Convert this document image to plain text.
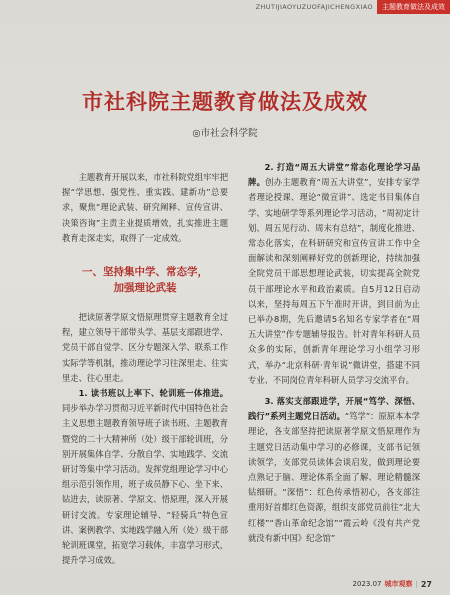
ZHUTIJIAOYUZUOFAJICHENGXIAO	主题教育做法及成效
市社科院主题教育做法及成效
◎市社会科学院

主题教育开展以来，市社科院党组牢牢把握“学思想、强党性、重实践、建新功”总要求，聚焦“理论武装、研究阐释、宣传宣讲、决策咨询”主责主业提质增效，扎实推进主题教育走深走实，取得了一定成效。

一、坚持集中学、常态学，
加强理论武装

把读原著学原文悟原理贯穿主题教育全过程，建立领导干部带头学、基层支部跟进学、党员干部自觉学、区分专题深入学、联系工作实际学等机制，推动理论学习往深里走、往实里走、往心里走。

1. 读书班以上率下、轮训班一体推进。同步举办学习贯彻习近平新时代中国特色社会主义思想主题教育领导班子读书班、主题教育暨党的二十大精神所（处）级干部轮训班，分别开展集体自学、分散自学、实地践学、交流研讨等集中学习活动。发挥党组理论学习中心组示范引领作用，班子成员静下心、坐下来、钻进去，读原著、学原文、悟原理，深入开展研讨交流。专家理论辅导、“轻骑兵”特色宣讲、案例教学、实地践学融入所（处）级干部轮训班课堂，拓宽学习载体，丰富学习形式，提升学习成效。

2. 打造“周五大讲堂”常态化理论学习品牌。创办主题教育“周五大讲堂”，安排专家学者理论授课、理论“微宣讲”、选定书目集体自学、实地研学等系列理论学习活动，“周初定计划、周五见行动、周末有总结”，制度化推进、常态化落实，在科研研究和宣传宣讲工作中全面解读和深刻阐释好党的创新理论，持续加强全院党员干部思想理论武装，切实提高全院党员干部理论水平和政治素质。自5月12日启动以来，坚持每周五下午准时开讲，到目前为止已举办8期，先后邀请5名知名专家学者在“周五大讲堂”作专题辅导报告。针对青年科研人员众多的实际，创新青年理论学习小组学习形式，举办“北京科研·青年说”微讲堂，搭建不同专业、不同岗位青年科研人员学习交流平台。

3. 落实支部跟进学，开展“笃学、深悟、践行”系列主题党日活动。“笃学”：原原本本学理论，各支部坚持把读原著学原文悟原理作为主题党日活动集中学习的必修课，支部书记领读领学，支部党员读体会谈启发，做到理论要点熟记于脑、理论体系全面了解、理论精髓深钻细研。“深悟”：红色传承悟初心，各支部注重用好首都红色资源，组织支部党员前往“北大红楼”“香山革命纪念馆”“霞云岭《没有共产党就没有新中国》纪念馆”

2023.07 城市观察 | 27
